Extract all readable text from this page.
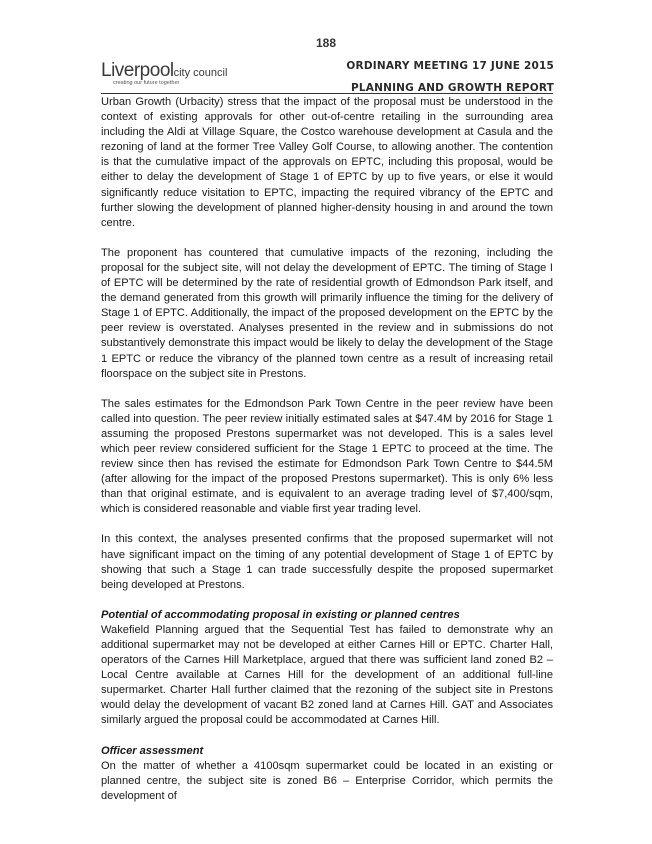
188
Liverpoolcity council
creating our future together
ORDINARY MEETING 17 JUNE 2015
PLANNING AND GROWTH REPORT

Urban Growth (Urbacity) stress that the impact of the proposal must be understood in the context of existing approvals for other out-of-centre retailing in the surrounding area including the Aldi at Village Square, the Costco warehouse development at Casula and the rezoning of land at the former Tree Valley Golf Course, to allowing another. The contention is that the cumulative impact of the approvals on EPTC, including this proposal, would be either to delay the development of Stage 1 of EPTC by up to five years, or else it would significantly reduce visitation to EPTC, impacting the required vibrancy of the EPTC and further slowing the development of planned higher-density housing in and around the town centre.

The proponent has countered that cumulative impacts of the rezoning, including the proposal for the subject site, will not delay the development of EPTC. The timing of Stage I of EPTC will be determined by the rate of residential growth of Edmondson Park itself, and the demand generated from this growth will primarily influence the timing for the delivery of Stage 1 of EPTC. Additionally, the impact of the proposed development on the EPTC by the peer review is overstated. Analyses presented in the review and in submissions do not substantively demonstrate this impact would be likely to delay the development of the Stage 1 EPTC or reduce the vibrancy of the planned town centre as a result of increasing retail floorspace on the subject site in Prestons.

The sales estimates for the Edmondson Park Town Centre in the peer review have been called into question. The peer review initially estimated sales at $47.4M by 2016 for Stage 1 assuming the proposed Prestons supermarket was not developed. This is a sales level which peer review considered sufficient for the Stage 1 EPTC to proceed at the time. The review since then has revised the estimate for Edmondson Park Town Centre to $44.5M (after allowing for the impact of the proposed Prestons supermarket). This is only 6% less than that original estimate, and is equivalent to an average trading level of $7,400/sqm, which is considered reasonable and viable first year trading level.

In this context, the analyses presented confirms that the proposed supermarket will not have significant impact on the timing of any potential development of Stage 1 of EPTC by showing that such a Stage 1 can trade successfully despite the proposed supermarket being developed at Prestons.

Potential of accommodating proposal in existing or planned centres

Wakefield Planning argued that the Sequential Test has failed to demonstrate why an additional supermarket may not be developed at either Carnes Hill or EPTC. Charter Hall, operators of the Carnes Hill Marketplace, argued that there was sufficient land zoned B2 – Local Centre available at Carnes Hill for the development of an additional full-line supermarket. Charter Hall further claimed that the rezoning of the subject site in Prestons would delay the development of vacant B2 zoned land at Carnes Hill. GAT and Associates similarly argued the proposal could be accommodated at Carnes Hill.

Officer assessment

On the matter of whether a 4100sqm supermarket could be located in an existing or planned centre, the subject site is zoned B6 – Enterprise Corridor, which permits the development of
